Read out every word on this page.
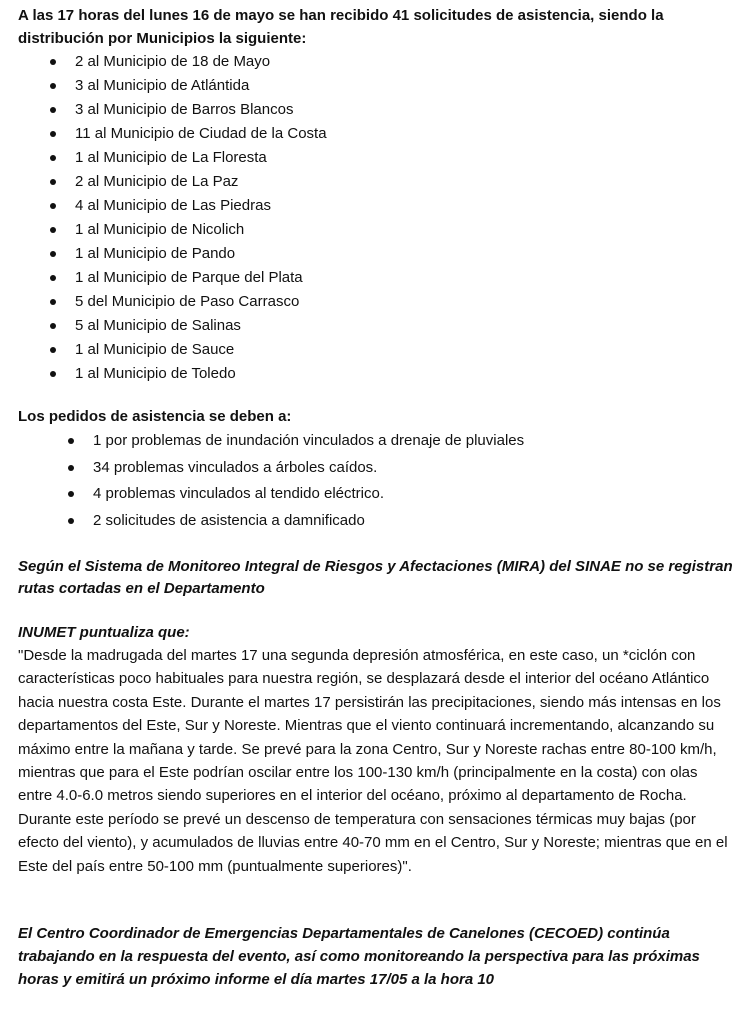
A las 17 horas del lunes 16 de mayo se han recibido 41 solicitudes de asistencia, siendo la distribución por Municipios la siguiente:

2 al Municipio de 18 de Mayo
3 al Municipio de Atlántida
3 al Municipio de Barros Blancos
11 al Municipio de Ciudad de la Costa
1 al Municipio de La Floresta
2 al Municipio de La Paz
4 al Municipio de Las Piedras
1 al Municipio de Nicolich
1 al Municipio de Pando
1 al Municipio de Parque del Plata
5 del Municipio de Paso Carrasco
5 al Municipio de Salinas
1 al Municipio de Sauce
1 al Municipio de Toledo

Los pedidos de asistencia se deben a:

1 por problemas de inundación vinculados a drenaje de pluviales
34 problemas vinculados a árboles caídos.
4 problemas vinculados al tendido eléctrico.
2 solicitudes de asistencia a damnificado

Según el Sistema de Monitoreo Integral de Riesgos y Afectaciones (MIRA) del SINAE no se registran rutas cortadas en el Departamento

INUMET puntualiza que:

"Desde la madrugada del martes 17 una segunda depresión atmosférica, en este caso, un *ciclón con características poco habituales para nuestra región, se desplazará desde el interior del océano Atlántico hacia nuestra costa Este. Durante el martes 17 persistirán las precipitaciones, siendo más intensas en los departamentos del Este, Sur y Noreste. Mientras que el viento continuará incrementando, alcanzando su máximo entre la mañana y tarde. Se prevé para la zona Centro, Sur y Noreste rachas entre 80-100 km/h, mientras que para el Este podrían oscilar entre los 100-130 km/h (principalmente en la costa) con olas entre 4.0-6.0 metros siendo superiores en el interior del océano, próximo al departamento de Rocha. Durante este período se prevé un descenso de temperatura con sensaciones térmicas muy bajas (por efecto del viento), y acumulados de lluvias entre 40-70 mm en el Centro, Sur y Noreste; mientras que en el Este del país entre 50-100 mm (puntualmente superiores)".

El Centro Coordinador de Emergencias Departamentales de Canelones (CECOED) continúa trabajando en la respuesta del evento, así como monitoreando la perspectiva para las próximas horas y emitirá un próximo informe el día martes 17/05 a la hora 10
